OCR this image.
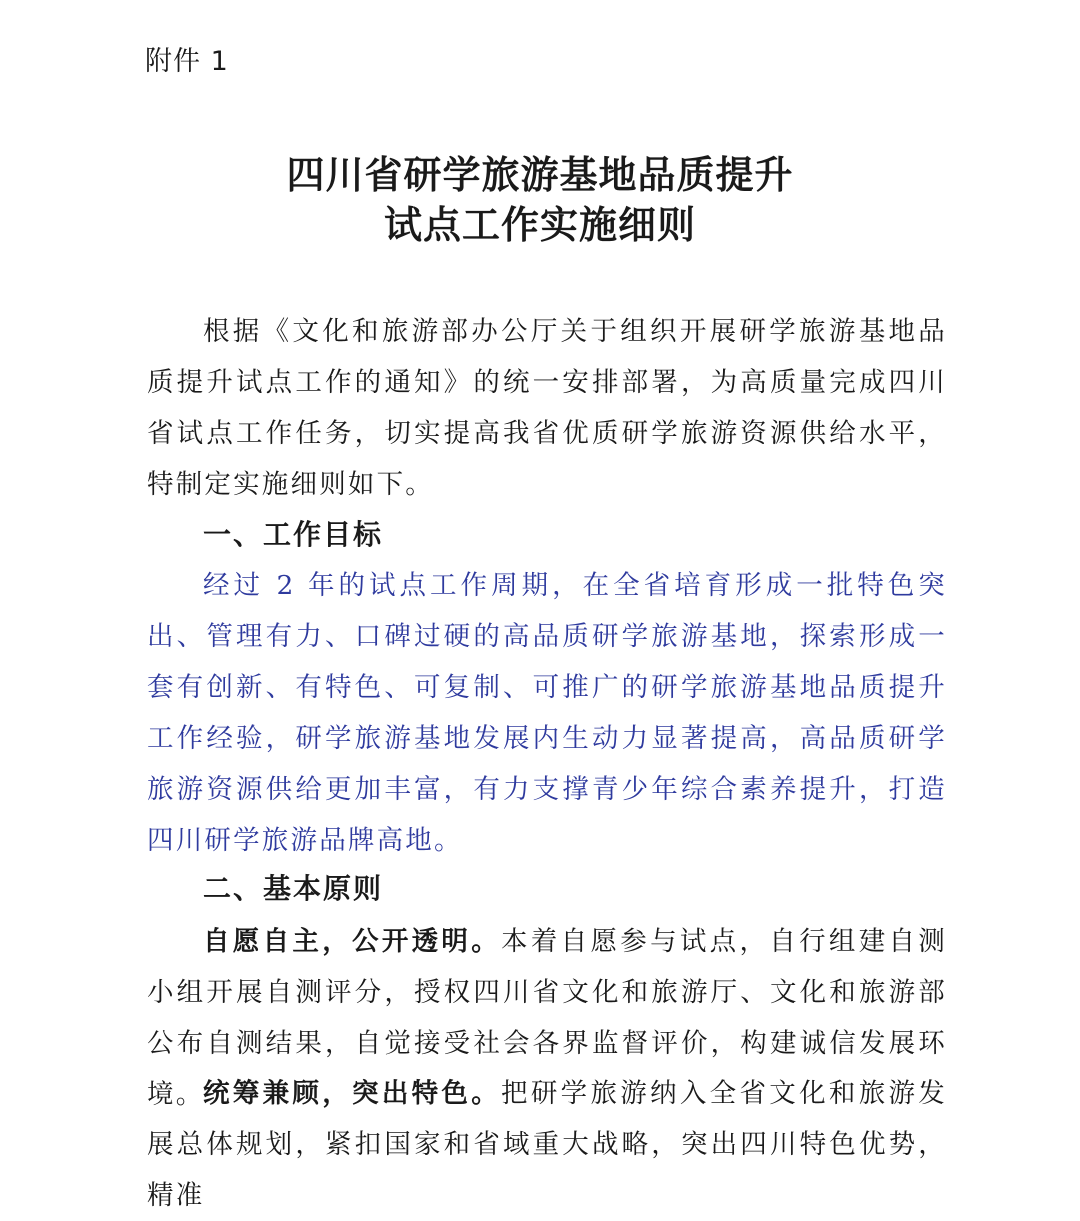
附件 1
四川省研学旅游基地品质提升
试点工作实施细则

根据《文化和旅游部办公厅关于组织开展研学旅游基地品质提升试点工作的通知》的统一安排部署，为高质量完成四川省试点工作任务，切实提高我省优质研学旅游资源供给水平，特制定实施细则如下。

一、工作目标

经过 2 年的试点工作周期，在全省培育形成一批特色突出、管理有力、口碑过硬的高品质研学旅游基地，探索形成一套有创新、有特色、可复制、可推广的研学旅游基地品质提升工作经验，研学旅游基地发展内生动力显著提高，高品质研学旅游资源供给更加丰富，有力支撑青少年综合素养提升，打造四川研学旅游品牌高地。

二、基本原则

自愿自主，公开透明。本着自愿参与试点，自行组建自测小组开展自测评分，授权四川省文化和旅游厅、文化和旅游部公布自测结果，自觉接受社会各界监督评价，构建诚信发展环境。

统筹兼顾，突出特色。把研学旅游纳入全省文化和旅游发展总体规划，紧扣国家和省域重大战略，突出四川特色优势，精准
